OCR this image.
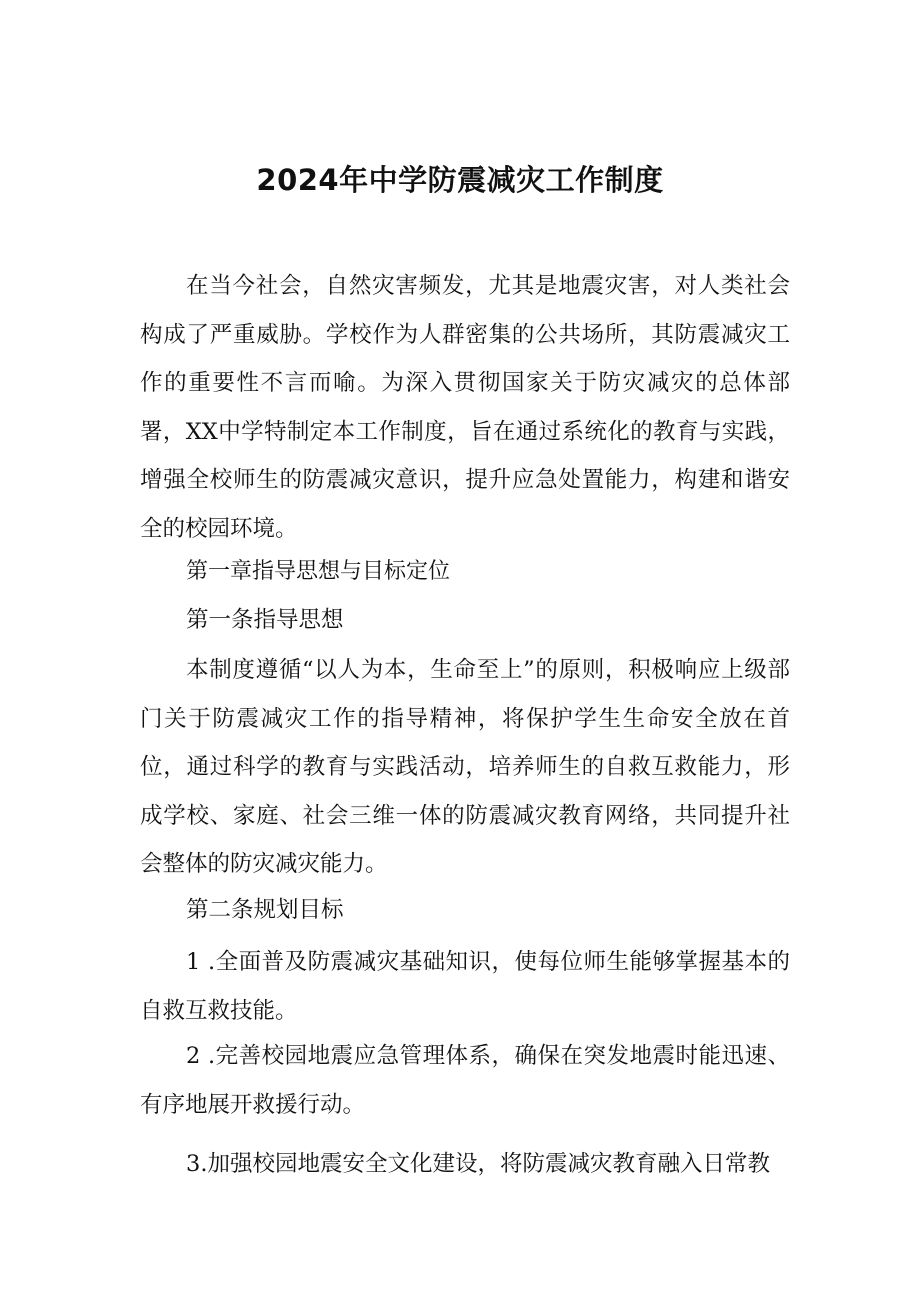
2024年中学防震减灾工作制度
在当今社会，自然灾害频发，尤其是地震灾害，对人类社会构成了严重威胁。学校作为人群密集的公共场所，其防震减灾工作的重要性不言而喻。为深入贯彻国家关于防灾减灾的总体部署，XX中学特制定本工作制度，旨在通过系统化的教育与实践，增强全校师生的防震减灾意识，提升应急处置能力，构建和谐安全的校园环境。
第一章指导思想与目标定位
第一条指导思想
本制度遵循“以人为本，生命至上”的原则，积极响应上级部门关于防震减灾工作的指导精神，将保护学生生命安全放在首位，通过科学的教育与实践活动，培养师生的自救互救能力，形成学校、家庭、社会三维一体的防震减灾教育网络，共同提升社会整体的防灾减灾能力。
第二条规划目标
1 .全面普及防震减灾基础知识，使每位师生能够掌握基本的自救互救技能。
2 .完善校园地震应急管理体系，确保在突发地震时能迅速、有序地展开救援行动。
3.加强校园地震安全文化建设，将防震减灾教育融入日常教
